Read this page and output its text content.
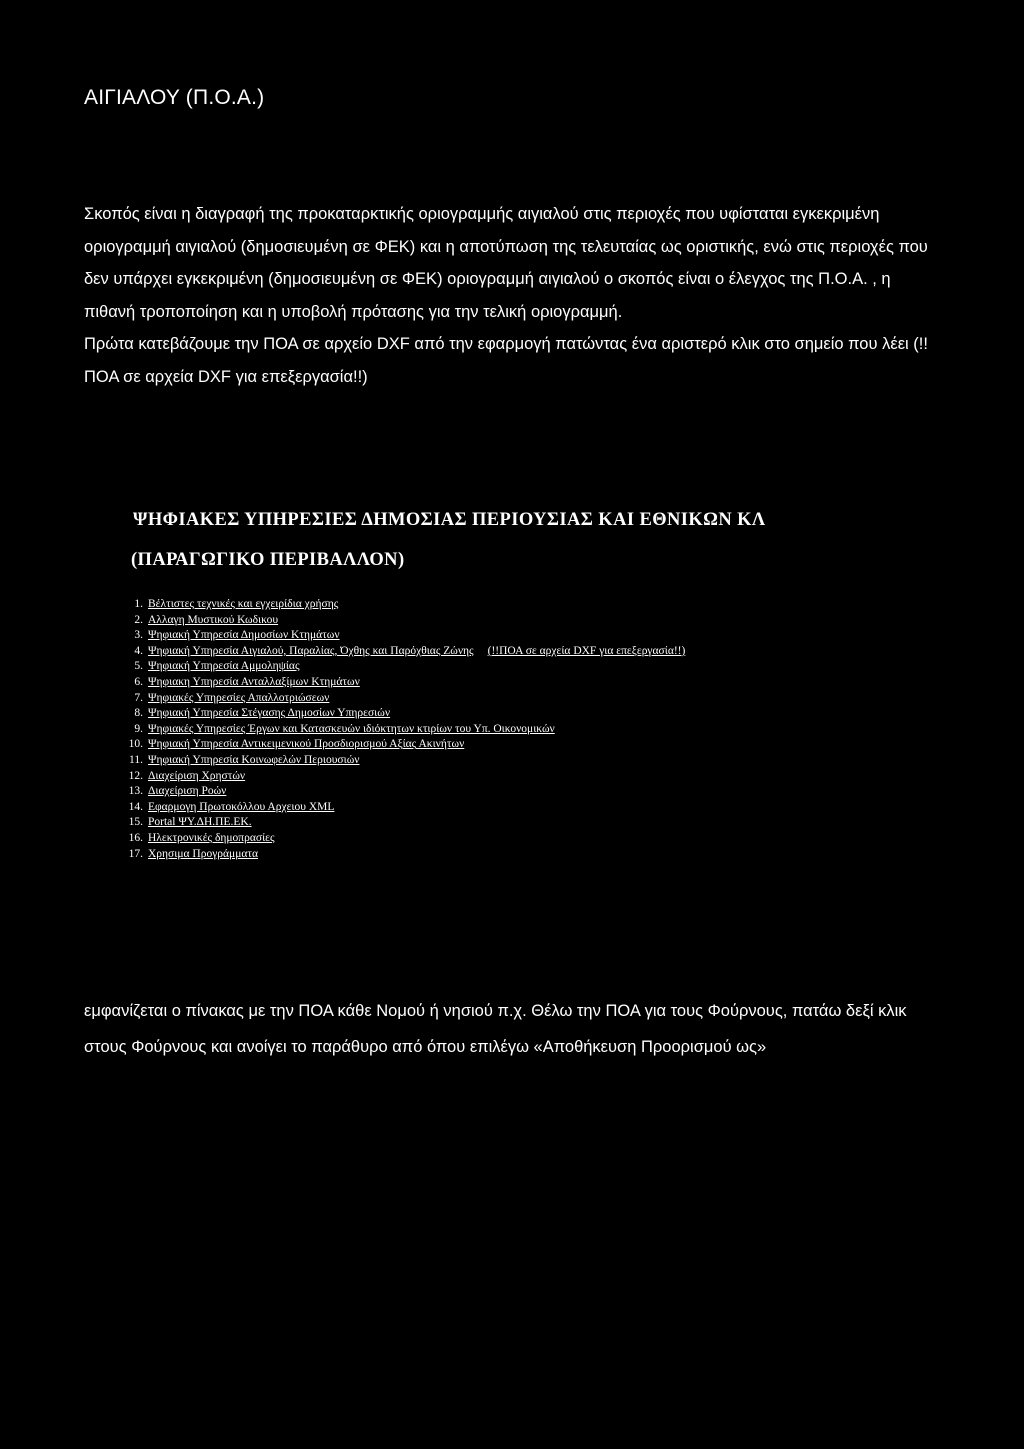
ΑΙΓΙΑΛΟΥ (Π.Ο.Α.)

Σκοπός είναι η διαγραφή της προκαταρκτικής οριογραμμής αιγιαλού στις περιοχές που υφίσταται εγκεκριμένη οριογραμμή αιγιαλού (δημοσιευμένη σε ΦΕΚ) και η αποτύπωση της τελευταίας ως οριστικής, ενώ στις περιοχές που δεν υπάρχει εγκεκριμένη (δημοσιευμένη σε ΦΕΚ) οριογραμμή αιγιαλού ο σκοπός είναι ο έλεγχος της Π.Ο.Α. , η πιθανή τροποποίηση και η υποβολή πρότασης για την τελική οριογραμμή.

Πρώτα κατεβάζουμε την ΠΟΑ σε αρχείο DXF από την εφαρμογή πατώντας ένα αριστερό κλικ στο σημείο που λέει (!! ΠΟΑ σε αρχεία DXF για επεξεργασία!!)

ΨΗΦΙΑΚΕΣ ΥΠΗΡΕΣΙΕΣ ΔΗΜΟΣΙΑΣ ΠΕΡΙΟΥΣΙΑΣ ΚΑΙ ΕΘΝΙΚΩΝ ΚΛ
(ΠΑΡΑΓΩΓΙΚΟ ΠΕΡΙΒΑΛΛΟΝ)
1. Βέλτιστες τεχνικές και εγχειρίδια χρήσης
2. Αλλαγη Μυστικού Κωδικου
3. Ψηφιακή Υπηρεσία Δημοσίων Κτημάτων
4. Ψηφιακή Υπηρεσία Αιγιαλού, Παραλίας, Όχθης και Παρόχθιας Ζώνης (!!ΠΟΑ σε αρχεία DXF για επεξεργασία!!)
5. Ψηφιακή Υπηρεσία Αμμοληψίας
6. Ψηφιακη Υπηρεσία Ανταλλαξίμων Κτημάτων
7. Ψηφιακές Υπηρεσίες Απαλλοτριώσεων
8. Ψηφιακή Υπηρεσία Στέγασης Δημοσίων Υπηρεσιών
9. Ψηφιακές Υπηρεσίες Έργων και Κατασκευών ιδιόκτητων κτιρίων του Υπ. Οικονομικών
10. Ψηφιακή Υπηρεσία Αντικειμενικού Προσδιορισμού Αξίας Ακινήτων
11. Ψηφιακή Υπηρεσία Κοινωφελών Περιουσιών
12. Διαχείριση Χρηστών
13. Διαχείριση Ροών
14. Εφαρμογη Πρωτοκόλλου Αρχειου XML
15. Portal ΨΥ.ΔΗ.ΠΕ.ΕΚ.
16. Ηλεκτρονικές δημοπρασίες
17. Χρησιμα Προγράμματα

εμφανίζεται ο πίνακας με την ΠΟΑ κάθε Νομού ή νησιού π.χ. Θέλω την ΠΟΑ για τους Φούρνους, πατάω δεξί κλικ στους Φούρνους και ανοίγει το παράθυρο από όπου επιλέγω «Αποθήκευση Προορισμού ως»
